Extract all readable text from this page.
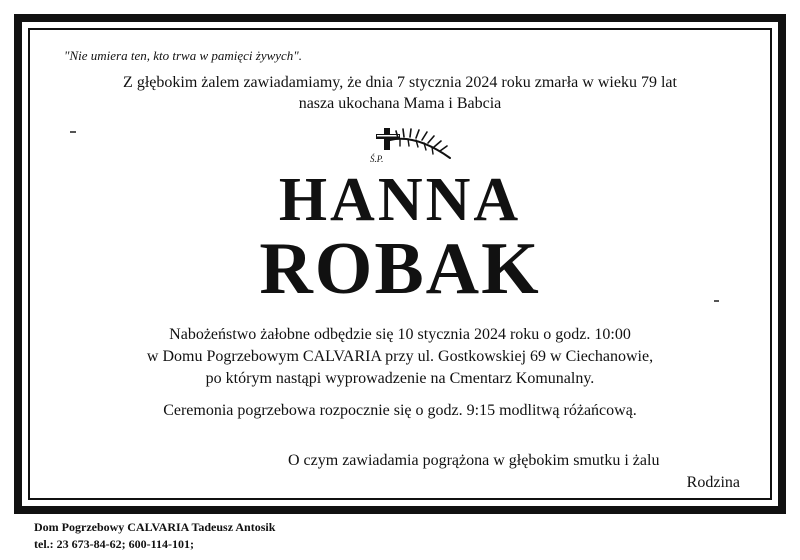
"Nie umiera ten, kto trwa w pamięci żywych".
Z głębokim żalem zawiadamiamy, że dnia 7 stycznia 2024 roku zmarła w wieku 79 lat
nasza ukochana Mama i Babcia
Ś.P.
HANNA
ROBAK
Nabożeństwo żałobne odbędzie się 10 stycznia 2024 roku o godz. 10:00
w Domu Pogrzebowym CALVARIA przy ul. Gostkowskiej 69 w Ciechanowie,
po którym nastąpi wyprowadzenie na Cmentarz Komunalny.
Ceremonia pogrzebowa rozpocznie się o godz. 9:15 modlitwą różańcową.
O czym zawiadamia pogrążona w głębokim smutku i żalu
Rodzina
Dom Pogrzebowy CALVARIA Tadeusz Antosik
tel.: 23 673-84-62; 600-114-101;
